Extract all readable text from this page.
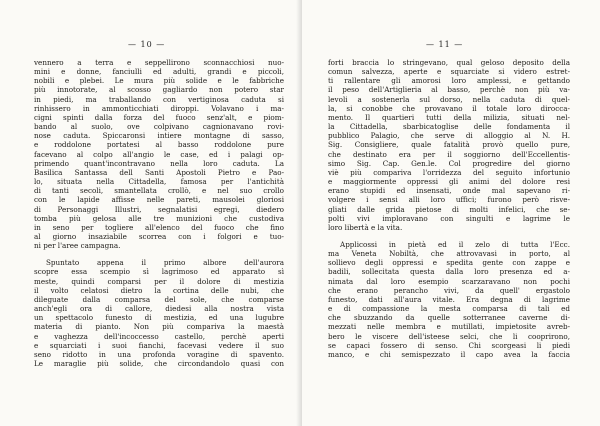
— 10 —
vennero a terra e seppellirono sconnacchiosi nuo-
mini e donne, fanciulli ed adulti, grandi e piccoli,
nobili e plebei. Le mura più solide e le fabbriche
più innotorate, al scosso gagliardo non potero star
in piedi, ma traballando con vertiginosa caduta si
rinhissero in ammonticchiati diroppi. Volavano i ma-
cigni spinti dalla forza del fuoco senz'alt, e piom-
bando al suolo, ove colpivano cagnionavano rovi-
nose caduta. Spiccaronsi intiere montagne di sasso,
e roddolone portatesi al basso roddolone pure
facevano al colpo all'angio le case, ed i palagi op-
primendo quant'incontravano nella loro caduta. La
Basilica Santassa dell Santi Apostoli Pietro e Pao-
lo, situata nella Cittadella, famosa per l'antichità
di tanti secoli, smantellata crollò, e nel suo crollo
con le lapide affisse nelle pareti, mausolei gloriosi
di Personaggi Illustri, segnalatisi egregi, diedero
tomba più gelosa alle tre munizioni che custodiva
in seno per togliere all'elenco del fuoco che fino
al giorno insaziabile scorrea con i folgori e tuo-
ni per l'aree campagna.
Spuntato appena il primo albore dell'aurora
scopre essa scempio sì lagrimoso ed apparato sì
meste, quindi comparsi per il dolore di mestizia
il volto celatosi dietro la cortina delle nubi, che
dileguate dalla comparsa del sole, che comparse
anch'egli ora di callore, diedesi alla nostra vista
un spettacolo funesto di mestizia, ed una lugubre
materia di pianto. Non più compariva la maestà
e vaghezza dell'incoccesso castello, perchè aperti
e squarciati i suoi fianchi, facevasi vedere il suo
seno ridotto in una profonda voragine di spavento.
Le maraglie più solide, che circondandolo quasi con
— 11 —
forti braccia lo stringevano, qual geloso deposito della
comun salvezza, aperte e squarciate si videro estret-
ti rallentare gli amorosi loro amplessi, e gettando
il peso dell'Artiglieria al basso, perchè non più va-
levoli a sostenerla sul dorso, nella caduta di quel-
la, si conobbe che provavano il totale loro dirocca-
mento. Il quartieri tutti della milizia, situati nel-
la Cittadella, sbarbicatoglise delle fondamenta il
pubblico Palagio, che serve di alloggio al N. H.
Sig. Consigliere, quale fatalità provò quello pure,
che destinato era per il soggiorno dell'Eccellentis-
simo Sig. Cap. Gen.le. Col progredire del giorno
viè più compariva l'orridezza del seguito infortunio
e maggiormente oppressi gli animi del dolore resi
erano stupidi ed insensati, onde mal sapevano ri-
volgere i sensi alli loro uffici; furono però risve-
gliati dalle grida pietose di molti infelici, che se-
polti vivi imploravano con singulti e lagrime le
loro libertà e la vita.
Applicossi in pietà ed il zelo di tutta l'Ecc.
ma Veneta Nobiltà, che attrovavasi in porto, al
sollievo degli oppressi e spedita gente con zappe e
badili, sollecitata questa dalla loro presenza ed a-
nimata dal loro esempio scarzaravano non pochi
che erano perancho vivi, da quell' ergastolo
funesto, dati all'aura vitale. Era degna di lagrime
e di compassione la mesta comparsa di tali ed
che sbuzzando da quelle sotterranee caverne di-
mezzati nelle membra e mutillati, impietosite avreb-
bero le viscere dell'isteese selci, che li cooprirono,
se capaci fossero di senso. Chi scorgeasi li piedi
manco, e chi semispezzato il capo avea la faccia
